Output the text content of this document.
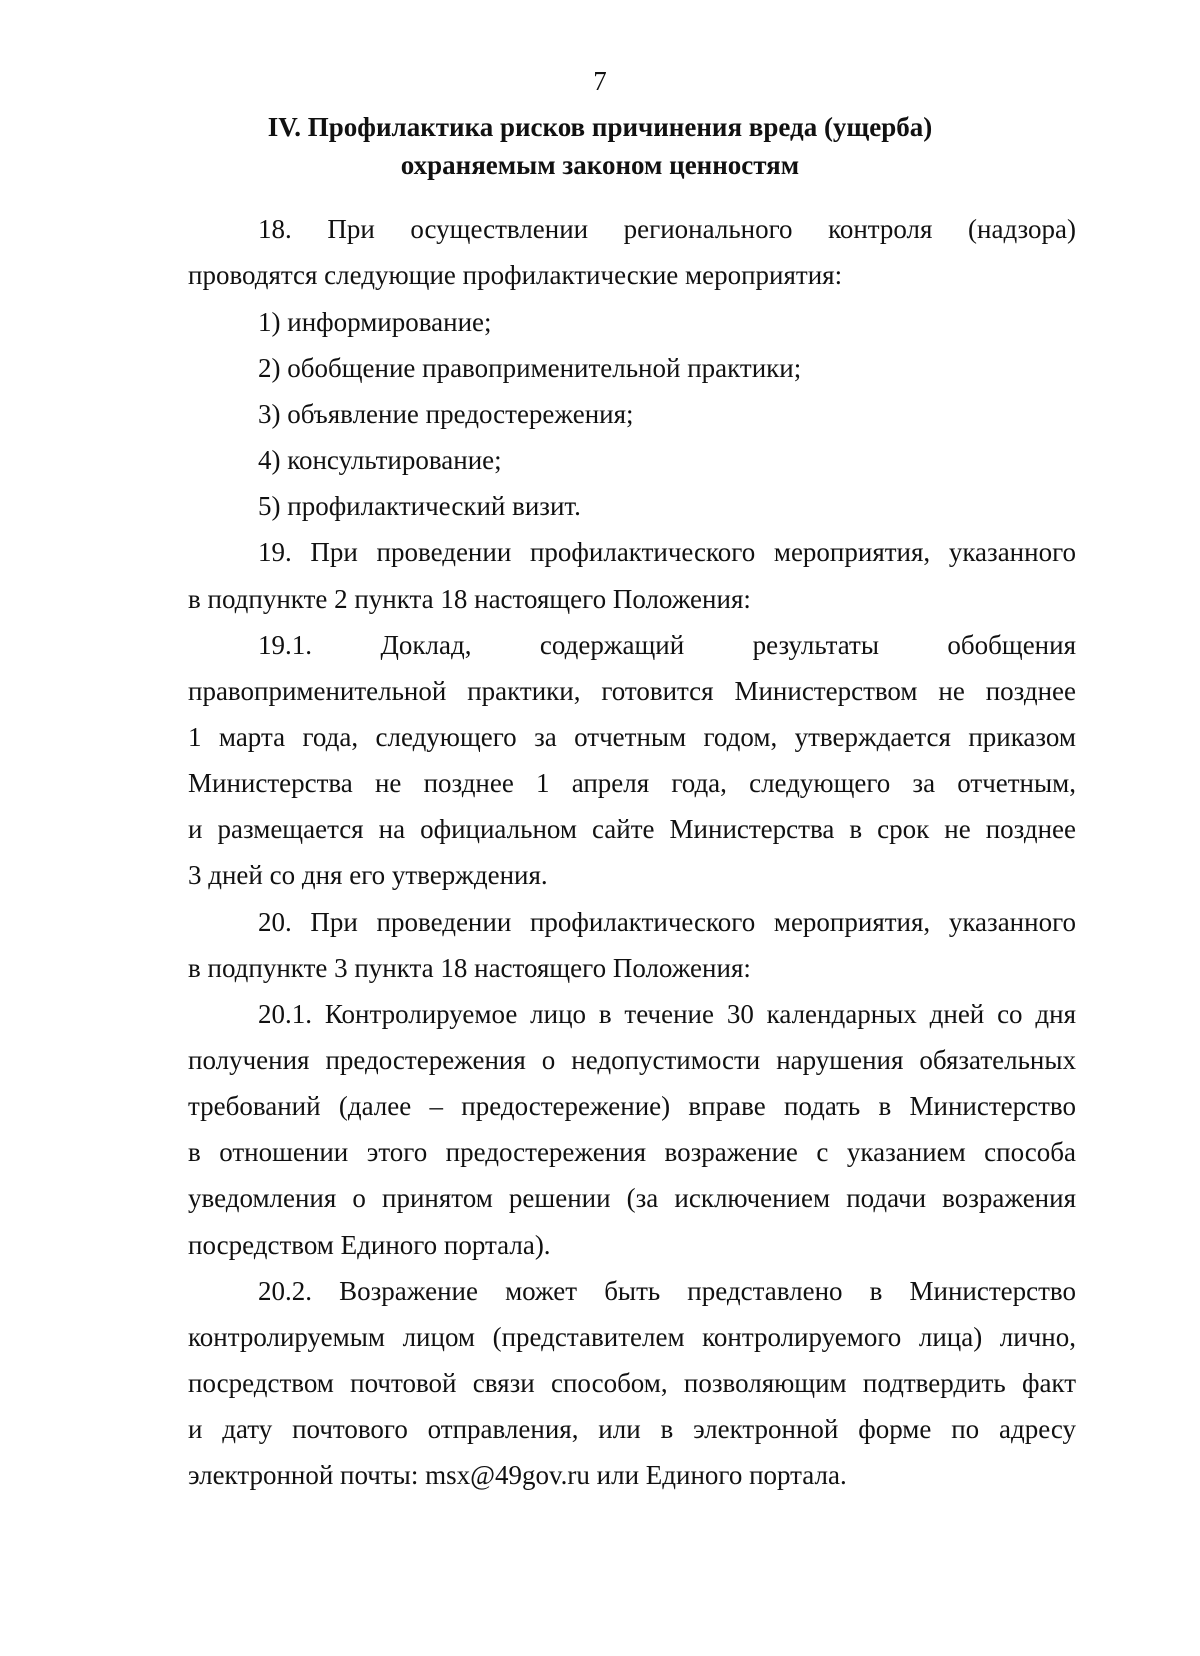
7
IV. Профилактика рисков причинения вреда (ущерба)
охраняемым законом ценностям
18. При осуществлении регионального контроля (надзора)
проводятся следующие профилактические мероприятия:
1) информирование;
2) обобщение правоприменительной практики;
3) объявление предостережения;
4) консультирование;
5) профилактический визит.
19. При проведении профилактического мероприятия, указанного
в подпункте 2 пункта 18 настоящего Положения:
19.1. Доклад, содержащий результаты обобщения
правоприменительной практики, готовится Министерством не позднее
1 марта года, следующего за отчетным годом, утверждается приказом
Министерства не позднее 1 апреля года, следующего за отчетным,
и размещается на официальном сайте Министерства в срок не позднее
3 дней со дня его утверждения.
20. При проведении профилактического мероприятия, указанного
в подпункте 3 пункта 18 настоящего Положения:
20.1. Контролируемое лицо в течение 30 календарных дней со дня
получения предостережения о недопустимости нарушения обязательных
требований (далее – предостережение) вправе подать в Министерство
в отношении этого предостережения возражение с указанием способа
уведомления о принятом решении (за исключением подачи возражения
посредством Единого портала).
20.2. Возражение может быть представлено в Министерство
контролируемым лицом (представителем контролируемого лица) лично,
посредством почтовой связи способом, позволяющим подтвердить факт
и дату почтового отправления, или в электронной форме по адресу
электронной почты: msx@49gov.ru или Единого портала.
